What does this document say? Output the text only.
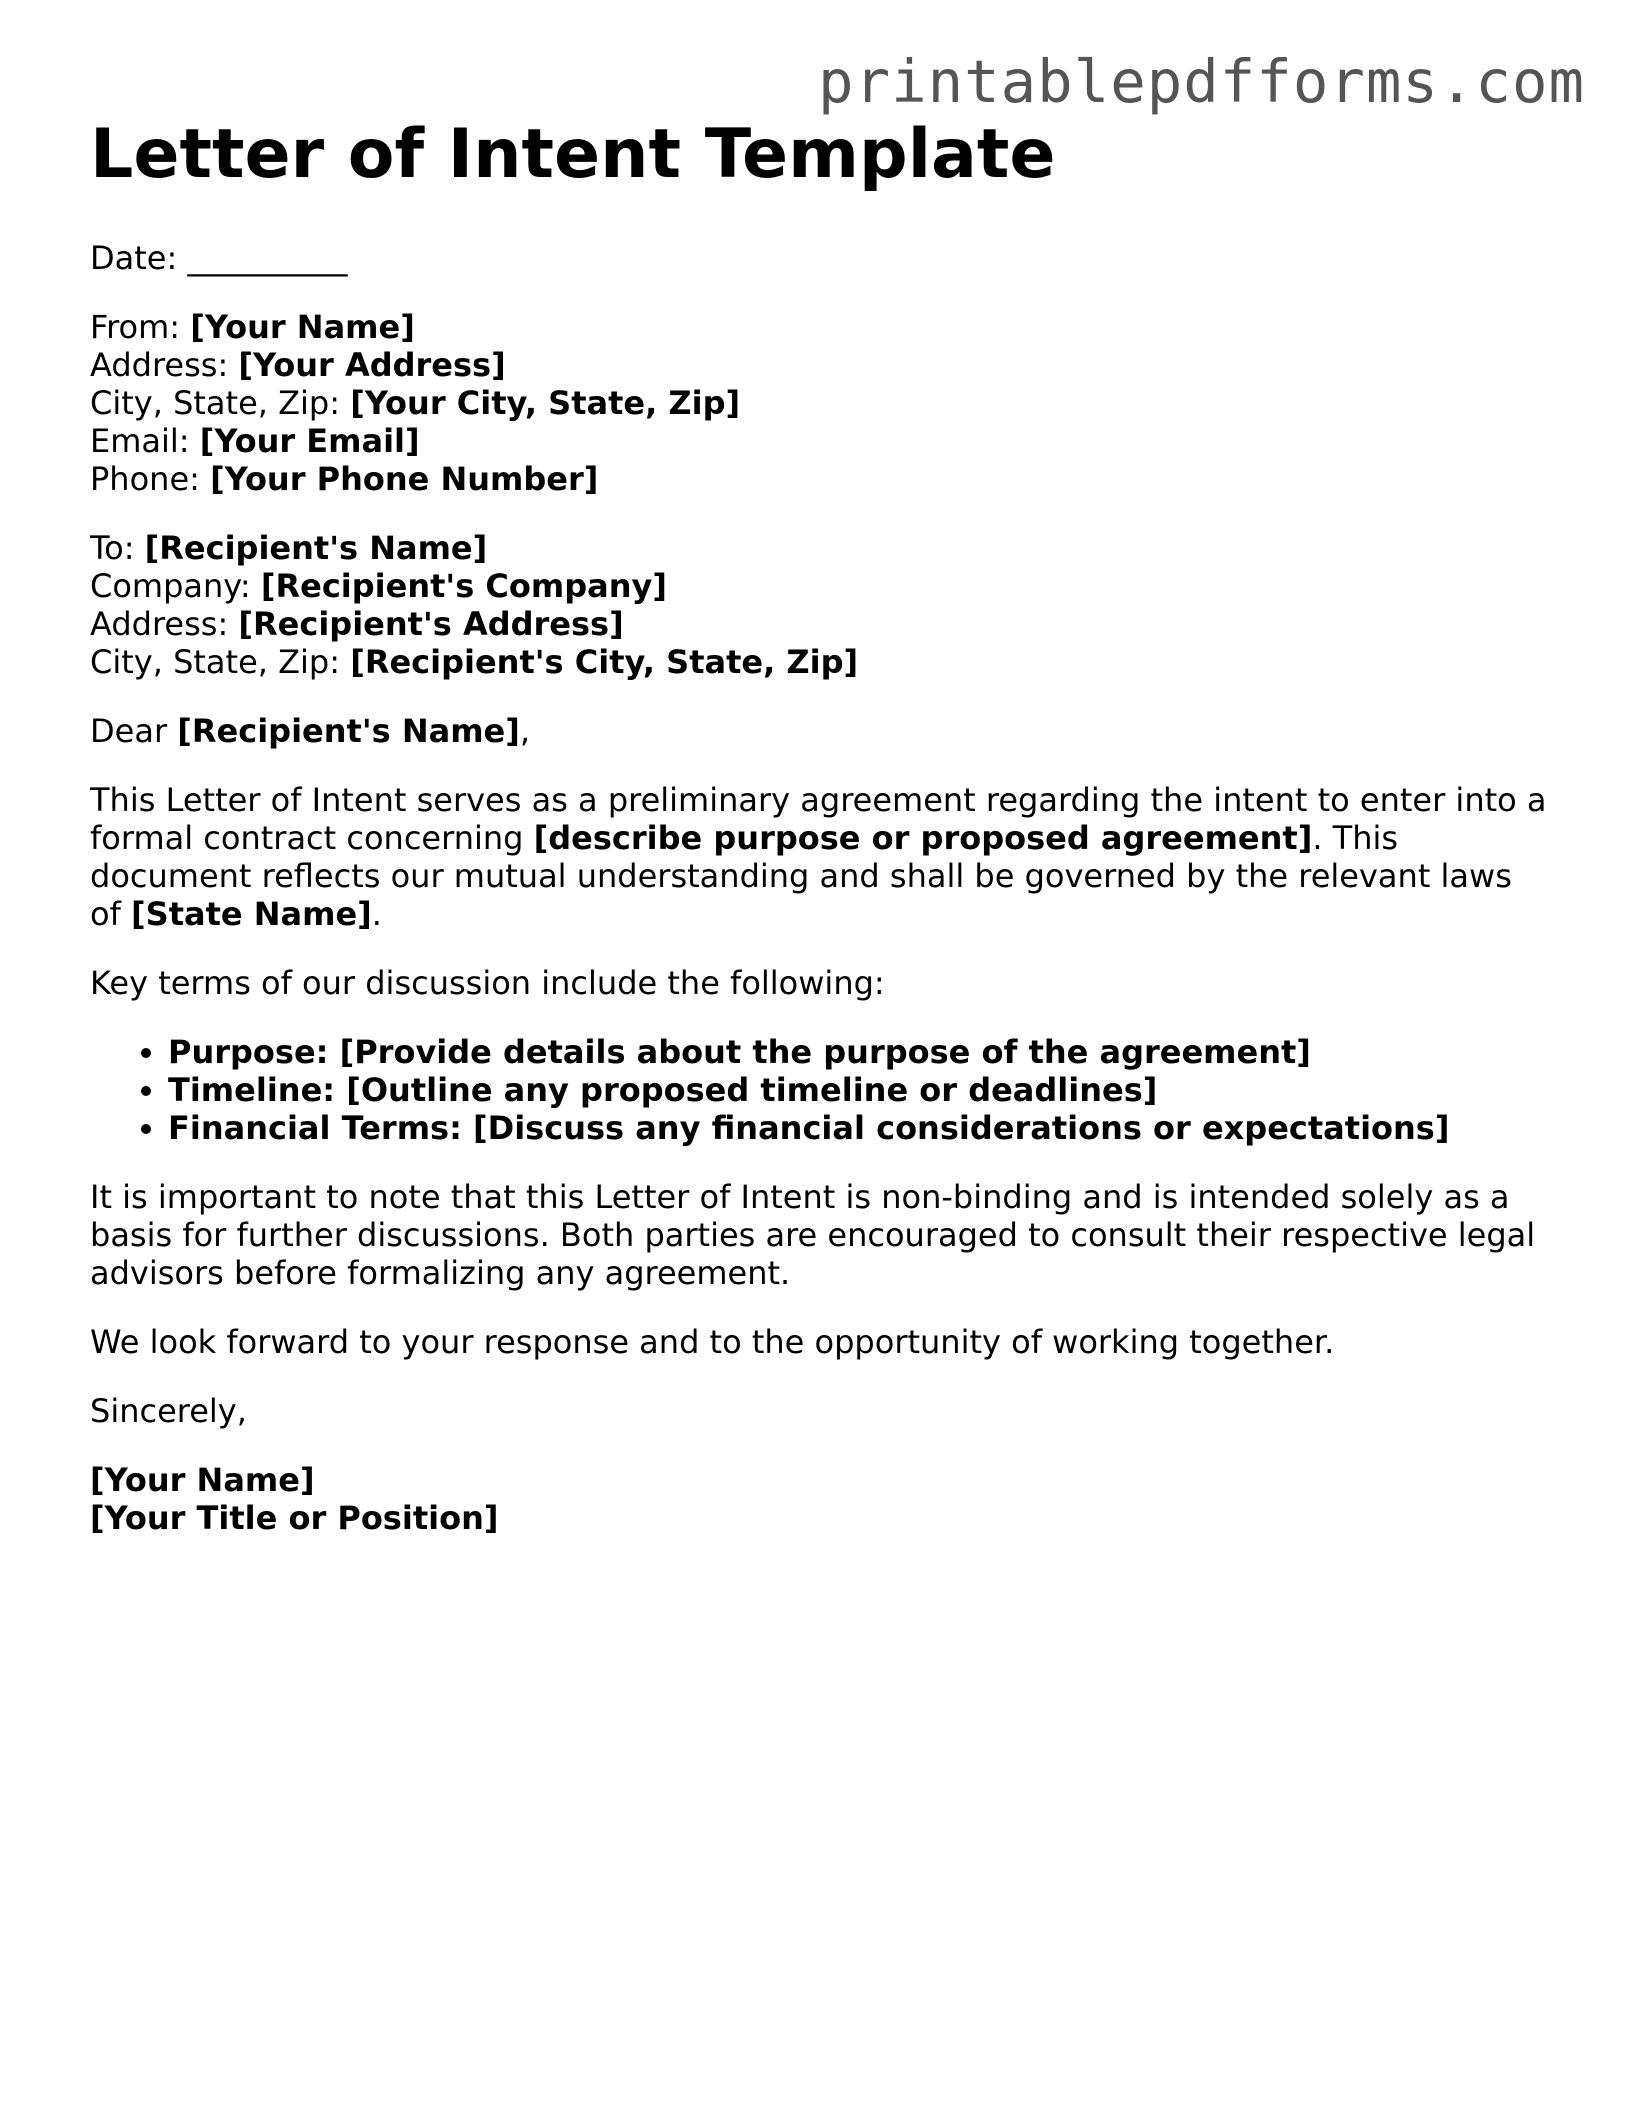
printablepdfforms.com
Letter of Intent Template
Date: __________
From: [Your Name]
Address: [Your Address]
City, State, Zip: [Your City, State, Zip]
Email: [Your Email]
Phone: [Your Phone Number]
To: [Recipient's Name]
Company: [Recipient's Company]
Address: [Recipient's Address]
City, State, Zip: [Recipient's City, State, Zip]
Dear [Recipient's Name],

This Letter of Intent serves as a preliminary agreement regarding the intent to enter into a formal contract concerning [describe purpose or proposed agreement]. This document reflects our mutual understanding and shall be governed by the relevant laws of [State Name].

Key terms of our discussion include the following:

• Purpose: [Provide details about the purpose of the agreement]
• Timeline: [Outline any proposed timeline or deadlines]
• Financial Terms: [Discuss any financial considerations or expectations]

It is important to note that this Letter of Intent is non-binding and is intended solely as a basis for further discussions. Both parties are encouraged to consult their respective legal advisors before formalizing any agreement.

We look forward to your response and to the opportunity of working together.

Sincerely,

[Your Name]
[Your Title or Position]
